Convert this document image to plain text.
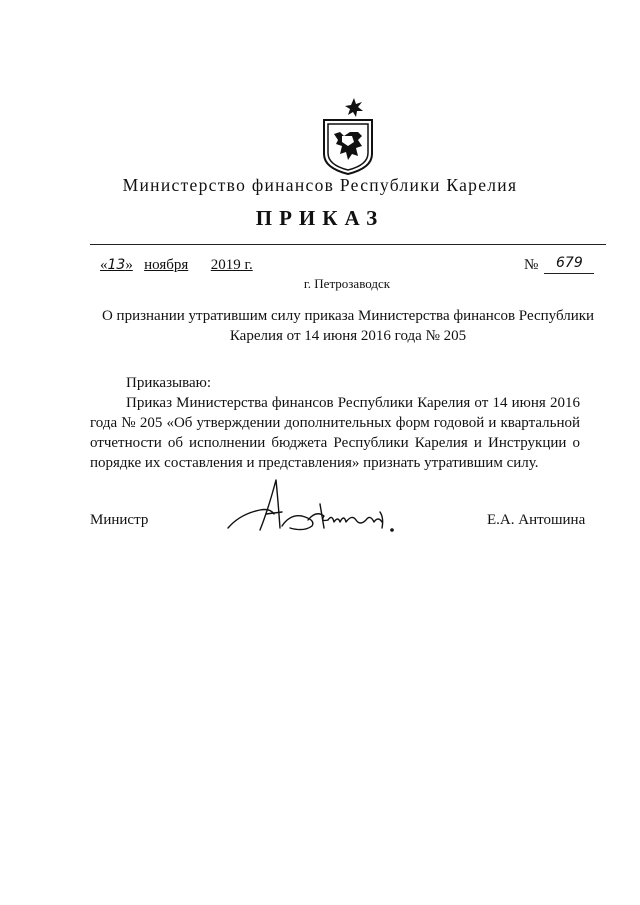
Министерство финансов Республики Карелия
ПРИКАЗ
«13» ноября 2019 г.	№ 679
г. Петрозаводск
О признании утратившим силу приказа Министерства финансов Республики Карелия от 14 июня 2016 года № 205
Приказываю:
Приказ Министерства финансов Республики Карелия от 14 июня 2016 года № 205 «Об утверждении дополнительных форм годовой и квартальной отчетности об исполнении бюджета Республики Карелия и Инструкции о порядке их составления и представления» признать утратившим силу.
Министр	Е.А. Антошина
